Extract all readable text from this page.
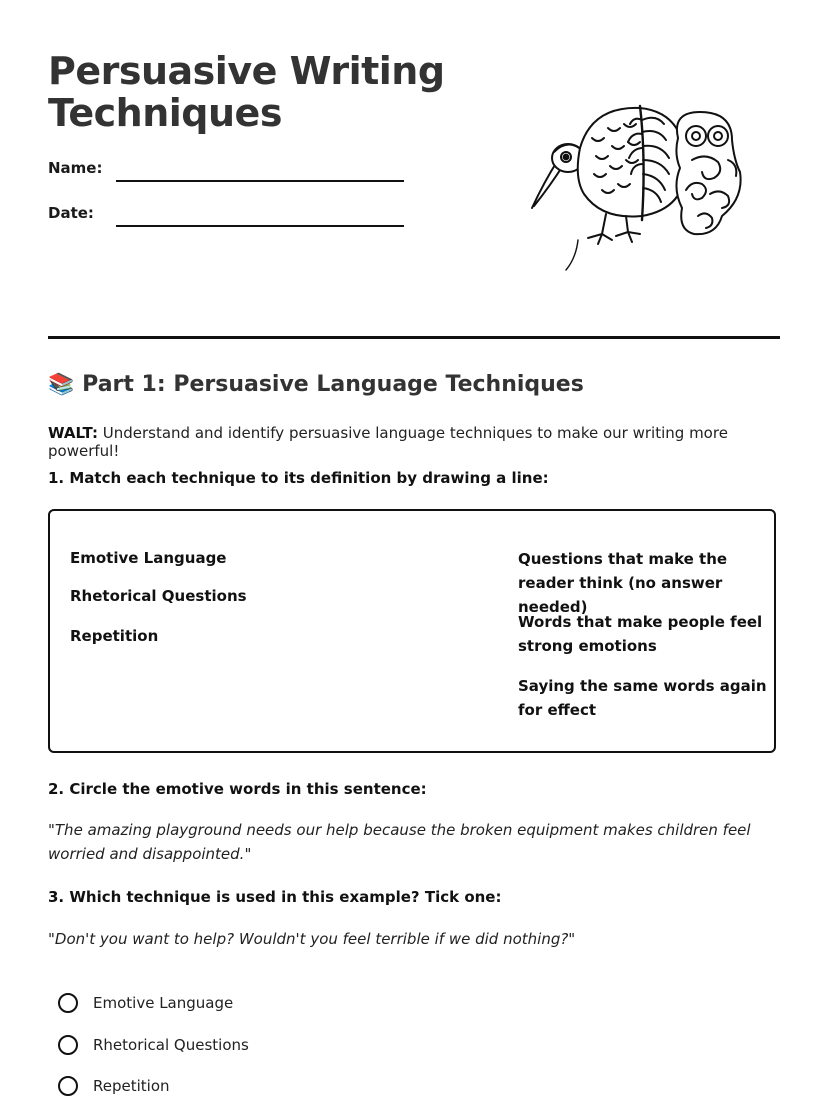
Persuasive Writing Techniques
Name:
Date:
📚 Part 1: Persuasive Language Techniques
WALT: Understand and identify persuasive language techniques to make our writing more powerful!
1. Match each technique to its definition by drawing a line:
Emotive Language
Rhetorical Questions
Repetition
Questions that make the reader think (no answer needed)
Words that make people feel strong emotions
Saying the same words again for effect
2. Circle the emotive words in this sentence:
"The amazing playground needs our help because the broken equipment makes children feel worried and disappointed."
3. Which technique is used in this example? Tick one:
"Don't you want to help? Wouldn't you feel terrible if we did nothing?"
Emotive Language
Rhetorical Questions
Repetition
